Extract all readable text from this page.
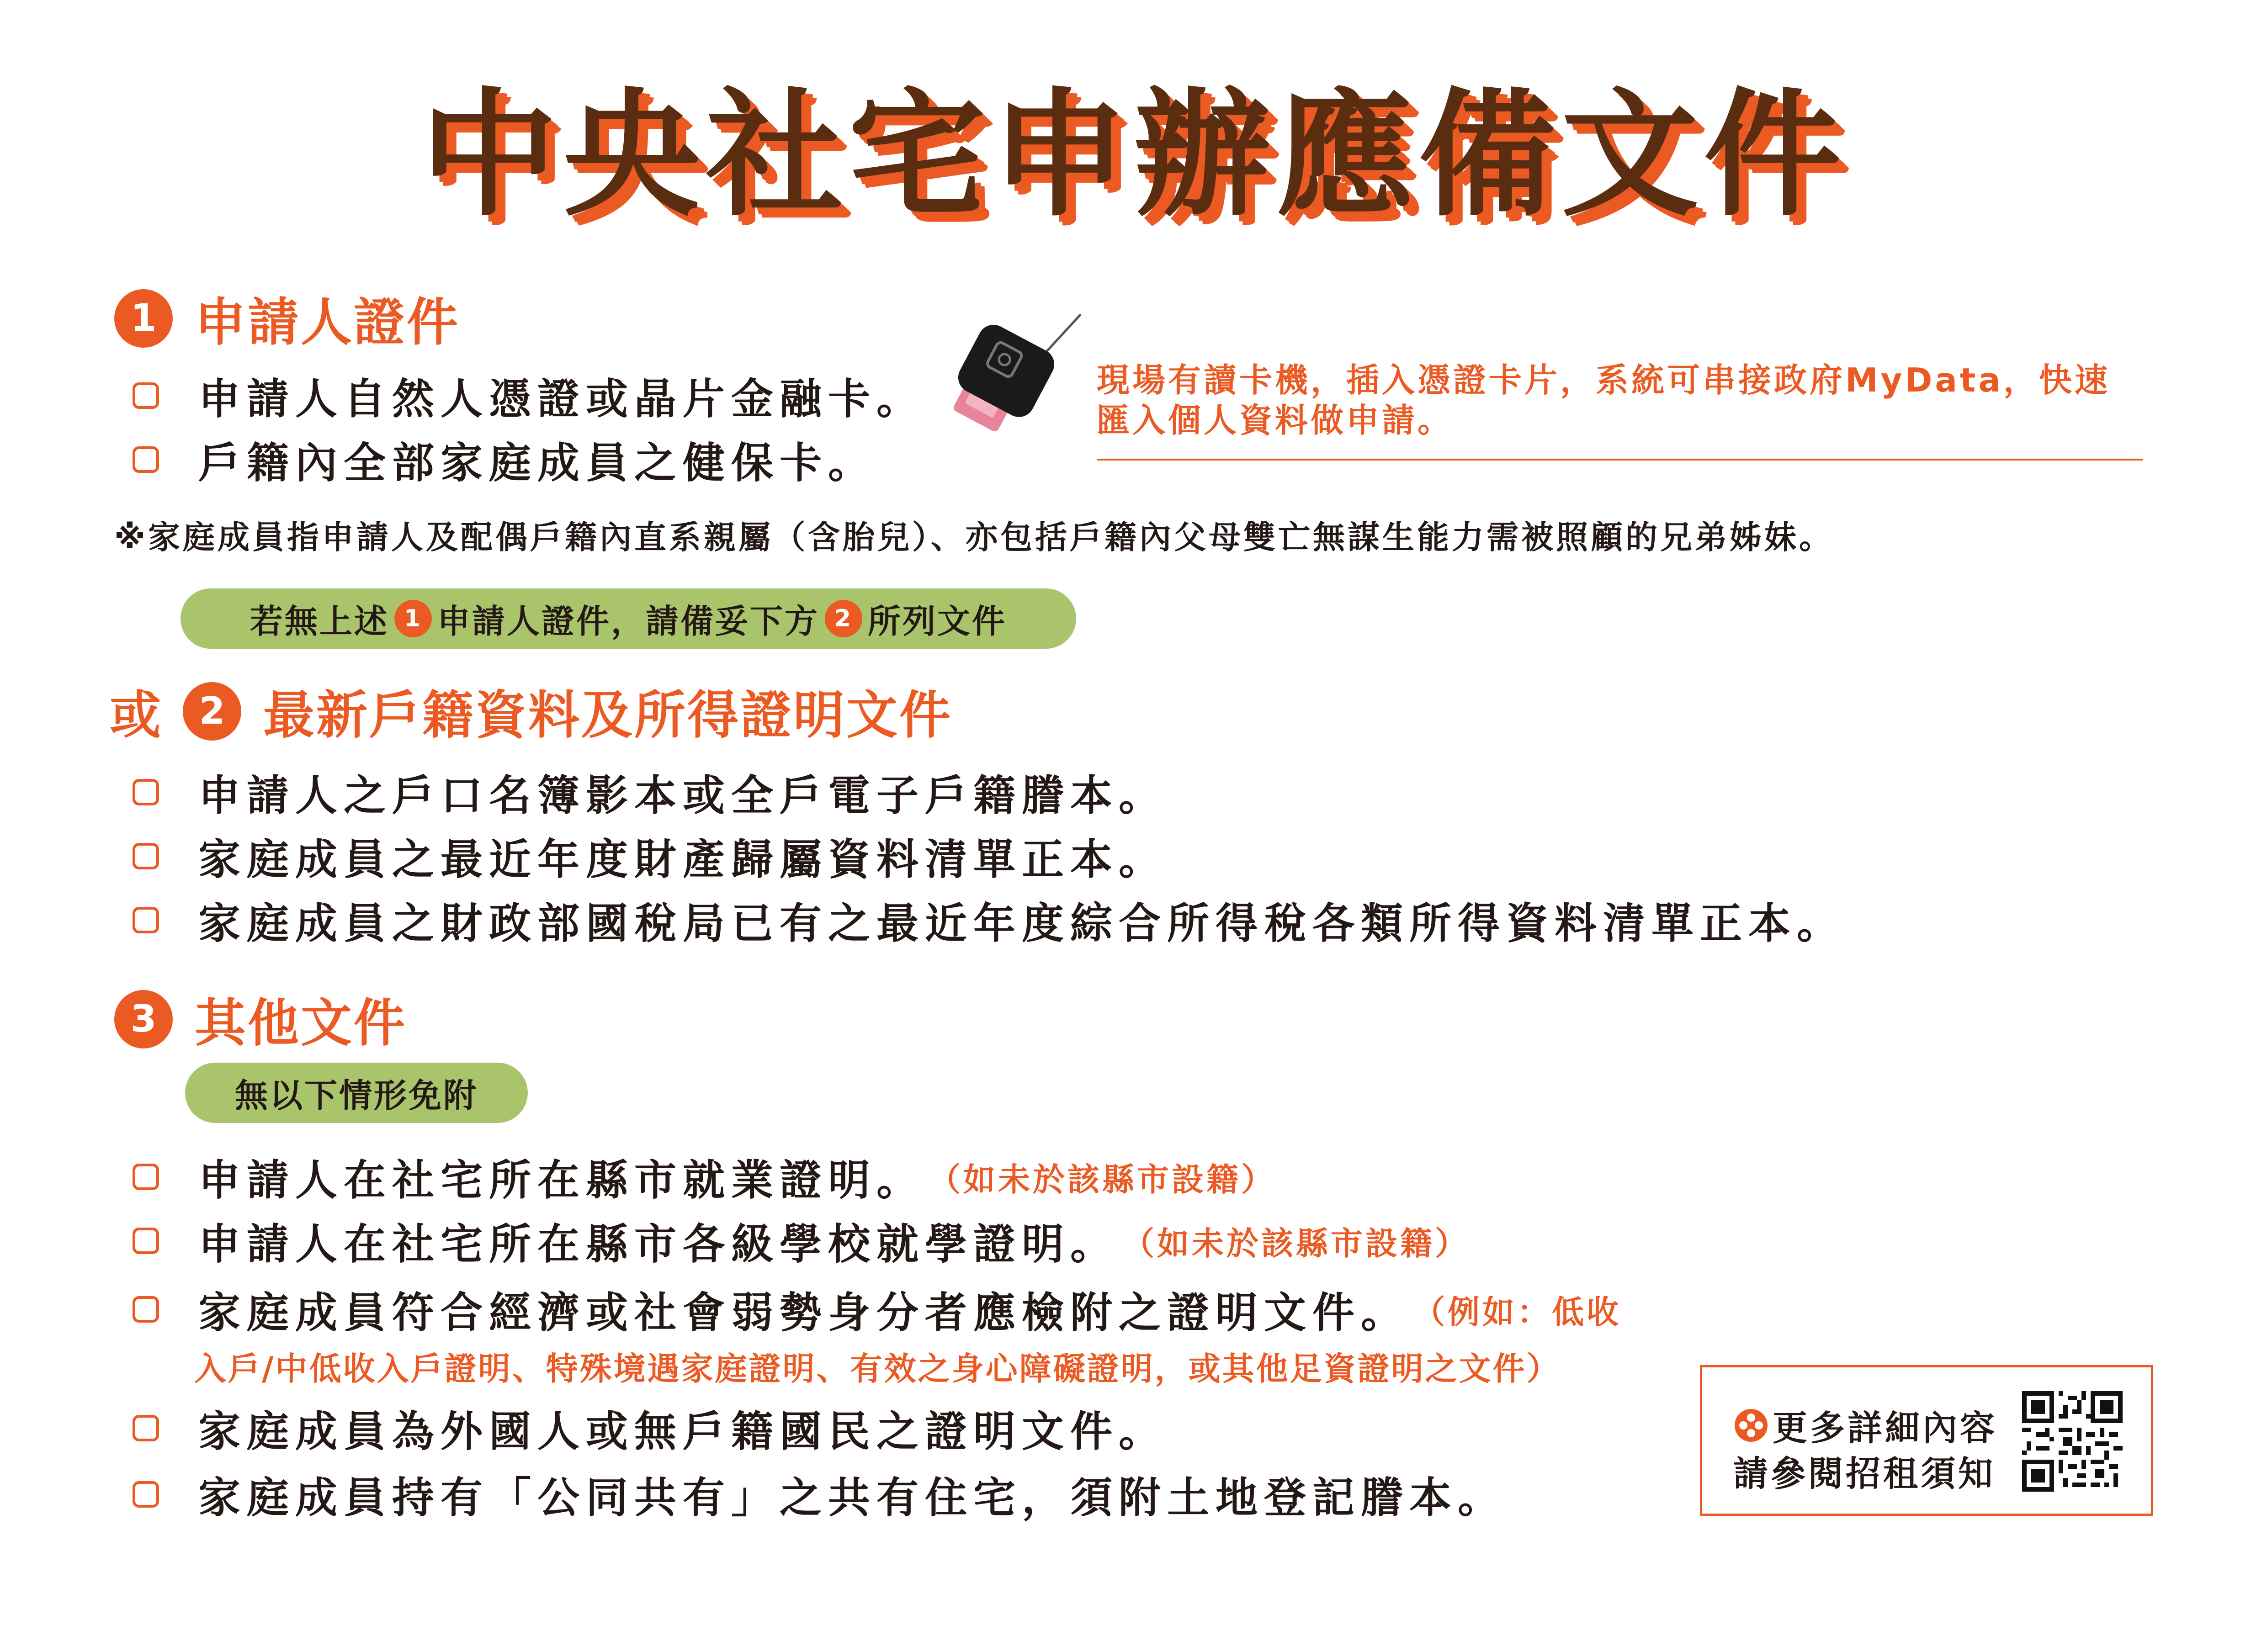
中央社宅申辦應備文件
1 申請人證件
申請人自然人憑證或晶片金融卡。
戶籍內全部家庭成員之健保卡。
現場有讀卡機，插入憑證卡片，系統可串接政府MyData，快速
匯入個人資料做申請。
※家庭成員指申請人及配偶戶籍內直系親屬（含胎兒）、亦包括戶籍內父母雙亡無謀生能力需被照顧的兄弟姊妹。
若無上述 1 申請人證件，請備妥下方 2 所列文件
或	2 最新戶籍資料及所得證明文件
申請人之戶口名簿影本或全戶電子戶籍謄本。
家庭成員之最近年度財產歸屬資料清單正本。
家庭成員之財政部國稅局已有之最近年度綜合所得稅各類所得資料清單正本。
3 其他文件
無以下情形免附
申請人在社宅所在縣市就業證明。 （如未於該縣市設籍）
申請人在社宅所在縣市各級學校就學證明。 （如未於該縣市設籍）
家庭成員符合經濟或社會弱勢身分者應檢附之證明文件。 （例如：低收
入戶/中低收入戶證明、特殊境遇家庭證明、有效之身心障礙證明，或其他足資證明之文件）
家庭成員為外國人或無戶籍國民之證明文件。
家庭成員持有「公同共有」之共有住宅，須附土地登記謄本。
更多詳細內容
請參閱招租須知
